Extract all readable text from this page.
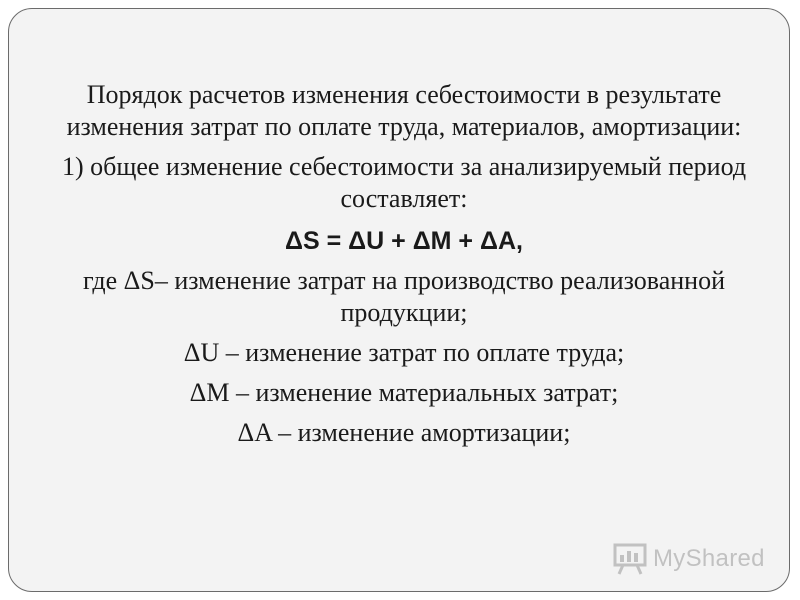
Порядок расчетов изменения себестоимости в результате изменения затрат по оплате труда, материалов, амортизации:

1) общее изменение себестоимости за анализируемый период составляет:

ΔS = ΔU + ΔM + ΔA,

где ΔS– изменение затрат на производство реализованной продукции;

ΔU – изменение затрат по оплате труда;

ΔM – изменение материальных затрат;

ΔA – изменение амортизации;

MyShared
